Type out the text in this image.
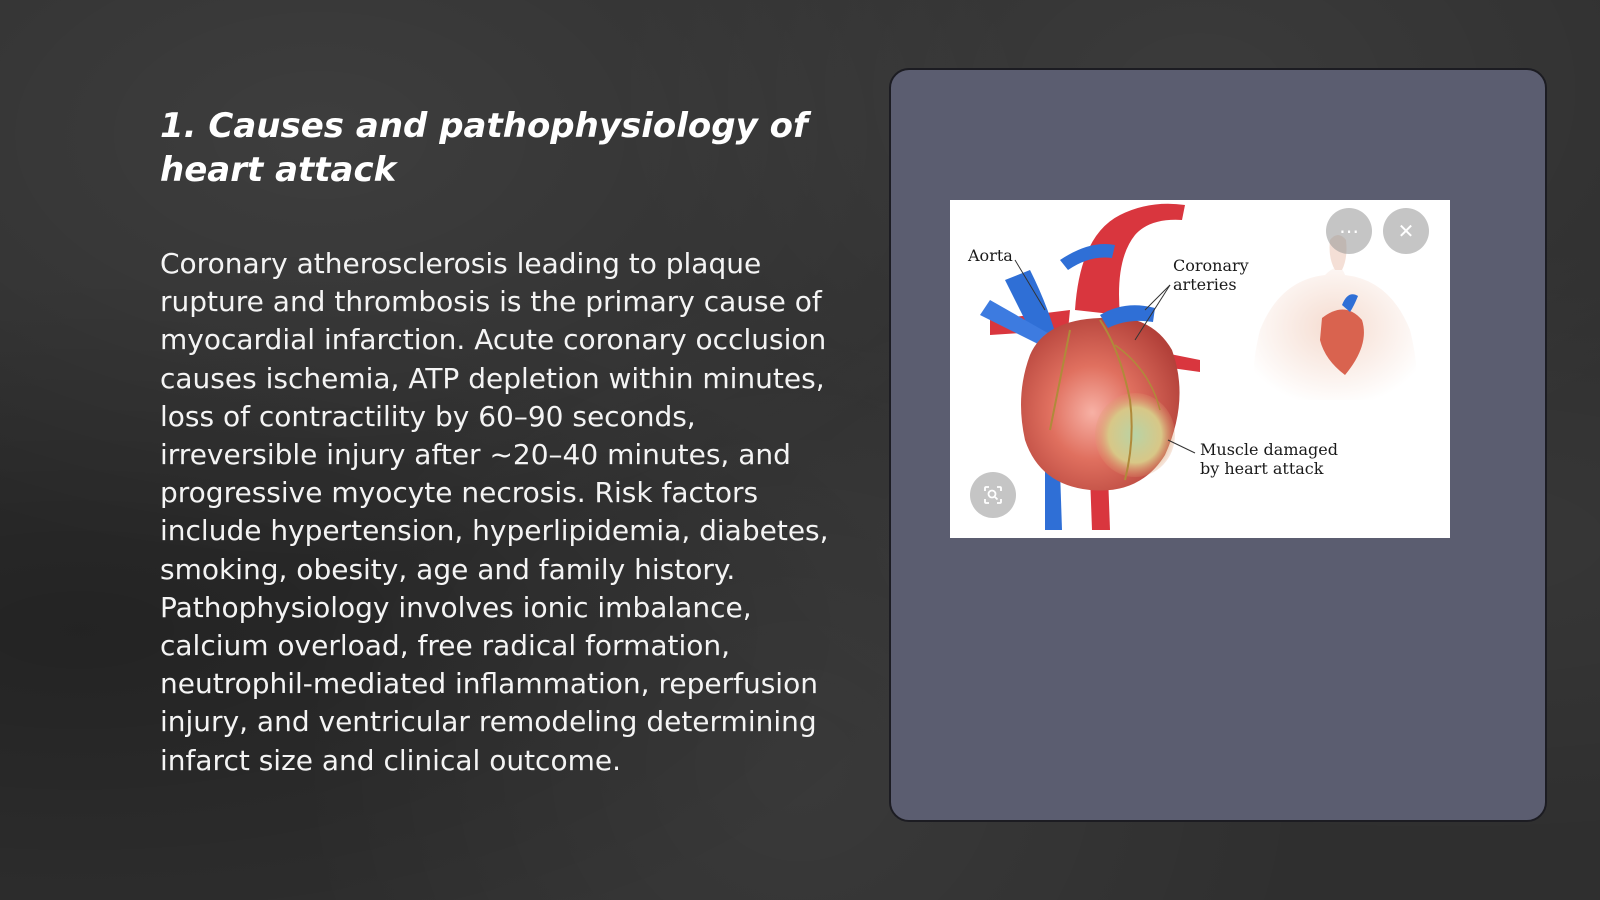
1. Causes and pathophysiology of heart attack

Coronary atherosclerosis leading to plaque rupture and thrombosis is the primary cause of myocardial infarction. Acute coronary occlusion causes ischemia, ATP depletion within minutes, loss of contractility by 60–90 seconds, irreversible injury after ~20–40 minutes, and progressive myocyte necrosis. Risk factors include hypertension, hyperlipidemia, diabetes, smoking, obesity, age and family history. Pathophysiology involves ionic imbalance, calcium overload, free radical formation, neutrophil-mediated inflammation, reperfusion injury, and ventricular remodeling determining infarct size and clinical outcome.

Aorta
Coronary
arteries
Muscle damaged
by heart attack
⋯ ✕
